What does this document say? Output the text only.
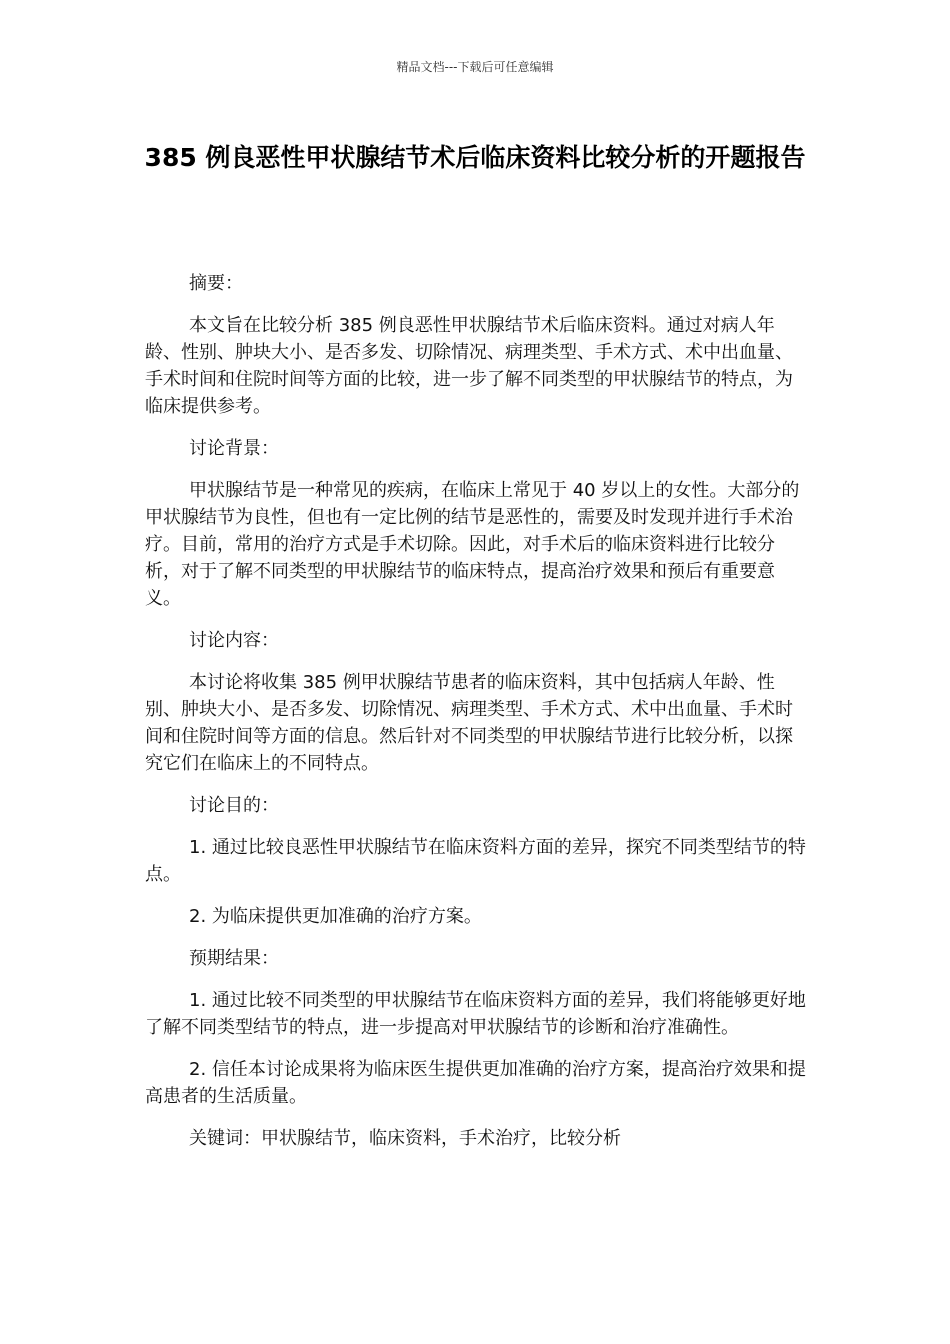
精品文档---下载后可任意编辑
385 例良恶性甲状腺结节术后临床资料比较分析的开题报告

摘要：

本文旨在比较分析 385 例良恶性甲状腺结节术后临床资料。通过对病人年龄、性别、肿块大小、是否多发、切除情况、病理类型、手术方式、术中出血量、手术时间和住院时间等方面的比较，进一步了解不同类型的甲状腺结节的特点，为临床提供参考。

讨论背景：

甲状腺结节是一种常见的疾病，在临床上常见于 40 岁以上的女性。大部分的甲状腺结节为良性，但也有一定比例的结节是恶性的，需要及时发现并进行手术治疗。目前，常用的治疗方式是手术切除。因此，对手术后的临床资料进行比较分析，对于了解不同类型的甲状腺结节的临床特点，提高治疗效果和预后有重要意义。

讨论内容：

本讨论将收集 385 例甲状腺结节患者的临床资料，其中包括病人年龄、性别、肿块大小、是否多发、切除情况、病理类型、手术方式、术中出血量、手术时间和住院时间等方面的信息。然后针对不同类型的甲状腺结节进行比较分析，以探究它们在临床上的不同特点。

讨论目的：

1. 通过比较良恶性甲状腺结节在临床资料方面的差异，探究不同类型结节的特点。

2. 为临床提供更加准确的治疗方案。

预期结果：

1. 通过比较不同类型的甲状腺结节在临床资料方面的差异，我们将能够更好地了解不同类型结节的特点，进一步提高对甲状腺结节的诊断和治疗准确性。

2. 信任本讨论成果将为临床医生提供更加准确的治疗方案，提高治疗效果和提高患者的生活质量。

关键词：甲状腺结节，临床资料，手术治疗，比较分析
